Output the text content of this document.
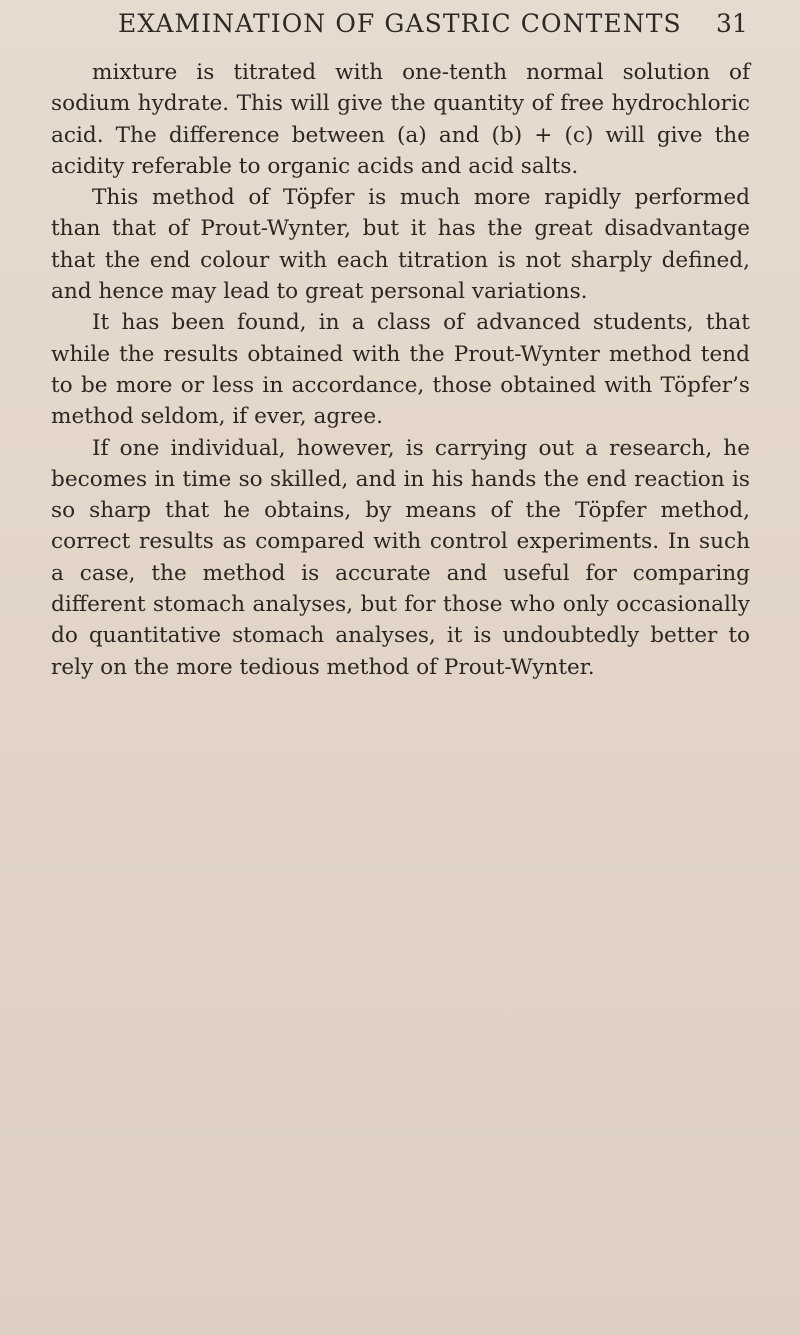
EXAMINATION OF GASTRIC CONTENTS 31

mixture is titrated with one-tenth normal solution of sodium hydrate. This will give the quantity of free hydrochloric acid. The difference between (a) and (b) + (c) will give the acidity referable to organic acids and acid salts.

This method of Töpfer is much more rapidly performed than that of Prout-Wynter, but it has the great disadvantage that the end colour with each titration is not sharply defined, and hence may lead to great personal variations.

It has been found, in a class of advanced students, that while the results obtained with the Prout-Wynter method tend to be more or less in accordance, those obtained with Töpfer’s method seldom, if ever, agree.

If one individual, however, is carrying out a research, he becomes in time so skilled, and in his hands the end reaction is so sharp that he obtains, by means of the Töpfer method, correct results as compared with control experiments. In such a case, the method is accurate and useful for comparing different stomach analyses, but for those who only occasionally do quantitative stomach analyses, it is undoubtedly better to rely on the more tedious method of Prout-Wynter.
